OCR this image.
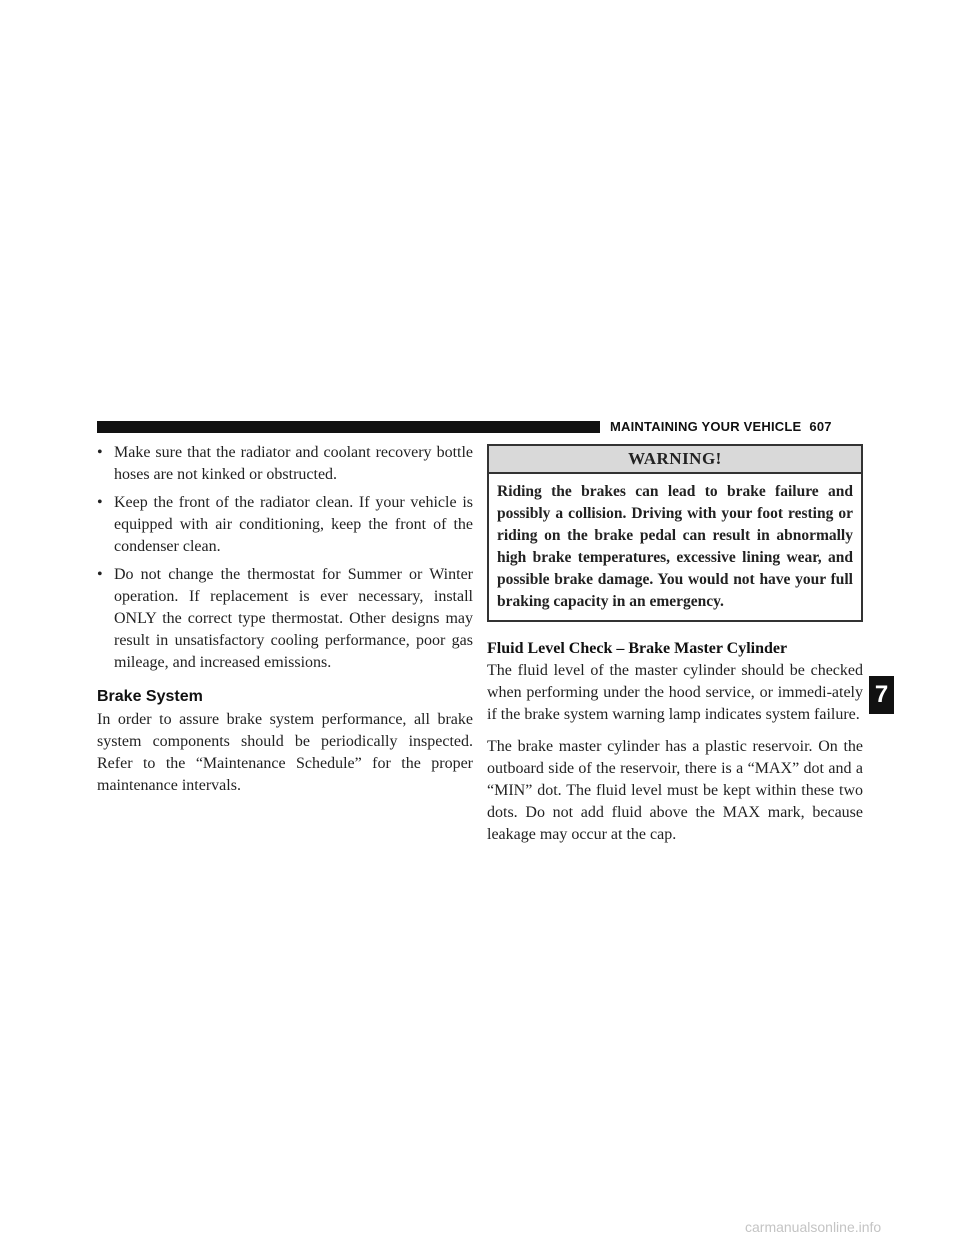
MAINTAINING YOUR VEHICLE 607
• Make sure that the radiator and coolant recovery bottle hoses are not kinked or obstructed.
• Keep the front of the radiator clean. If your vehicle is equipped with air conditioning, keep the front of the condenser clean.
• Do not change the thermostat for Summer or Winter operation. If replacement is ever necessary, install ONLY the correct type thermostat. Other designs may result in unsatisfactory cooling performance, poor gas mileage, and increased emissions.
Brake System

In order to assure brake system performance, all brake system components should be periodically inspected. Refer to the “Maintenance Schedule” for the proper maintenance intervals.

WARNING!
Riding the brakes can lead to brake failure and possibly a collision. Driving with your foot resting or riding on the brake pedal can result in abnormally high brake temperatures, excessive lining wear, and possible brake damage. You would not have your full braking capacity in an emergency.
Fluid Level Check – Brake Master Cylinder

The fluid level of the master cylinder should be checked when performing under the hood service, or immedi-ately if the brake system warning lamp indicates system failure.

The brake master cylinder has a plastic reservoir. On the outboard side of the reservoir, there is a “MAX” dot and a “MIN” dot. The fluid level must be kept within these two dots. Do not add fluid above the MAX mark, because leakage may occur at the cap.

7
carmanualsonline.info
